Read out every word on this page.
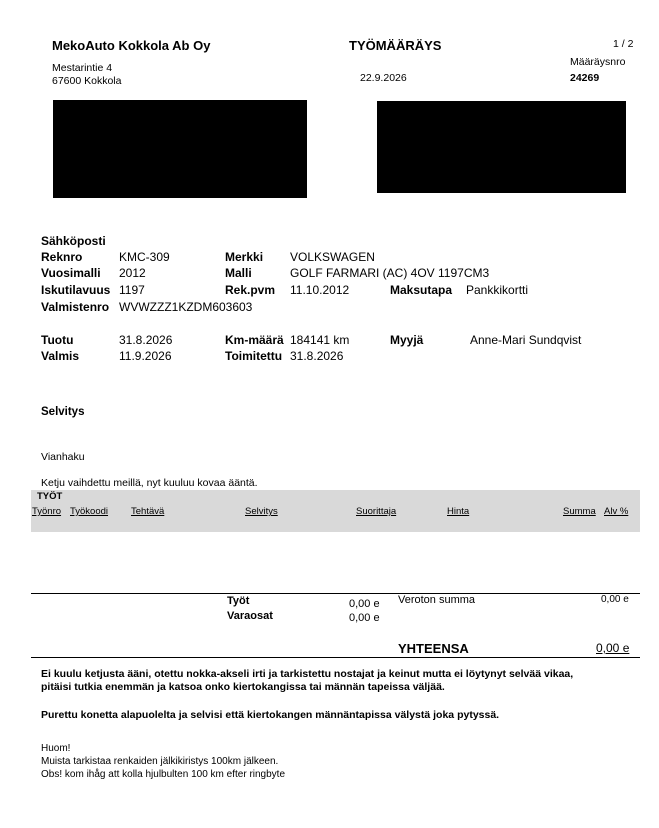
MekoAuto Kokkola Ab Oy
Mestarintie 4
67600 Kokkola
TYÖMÄÄRÄYS
22.9.2026
1 / 2
Määräysnro
24269
Sähköposti
Reknro	KMC-309	Merkki VOLKSWAGEN
Vuosimalli 2012	Malli	GOLF FARMARI (AC) 4OV 1197CM3
Iskutilavuus 1197	Rek.pvm 11.10.2012	Maksutapa Pankkikortti
Valmistenro WVWZZZ1KZDM603603
Tuotu	31.8.2026	Km-määrä 184141 km	Myyjä	Anne-Mari Sundqvist
Valmis	11.9.2026	Toimitettu 31.8.2026
Selvitys
Vianhaku
Ketju vaihdettu meillä, nyt kuuluu kovaa ääntä.
TYÖT
Työnro Työkoodi Tehtävä	Selvitys	Suorittaja	Hinta	Summa Alv %
Työt	0,00 e
Varaosat	0,00 e
Veroton summa	0,00 e
YHTEENSA	0,00 e
Ei kuulu ketjusta ääni, otettu nokka-akseli irti ja tarkistettu nostajat ja keinut mutta ei löytynyt selvää vikaa,
pitäisi tutkia enemmän ja katsoa onko kiertokangissa tai männän tapeissa väljää.
Purettu konetta alapuolelta ja selvisi että kiertokangen männäntapissa välystä joka pytyssä.
Huom!
Muista tarkistaa renkaiden jälkikiristys 100km jälkeen.
Obs! kom ihåg att kolla hjulbulten 100 km efter ringbyte
